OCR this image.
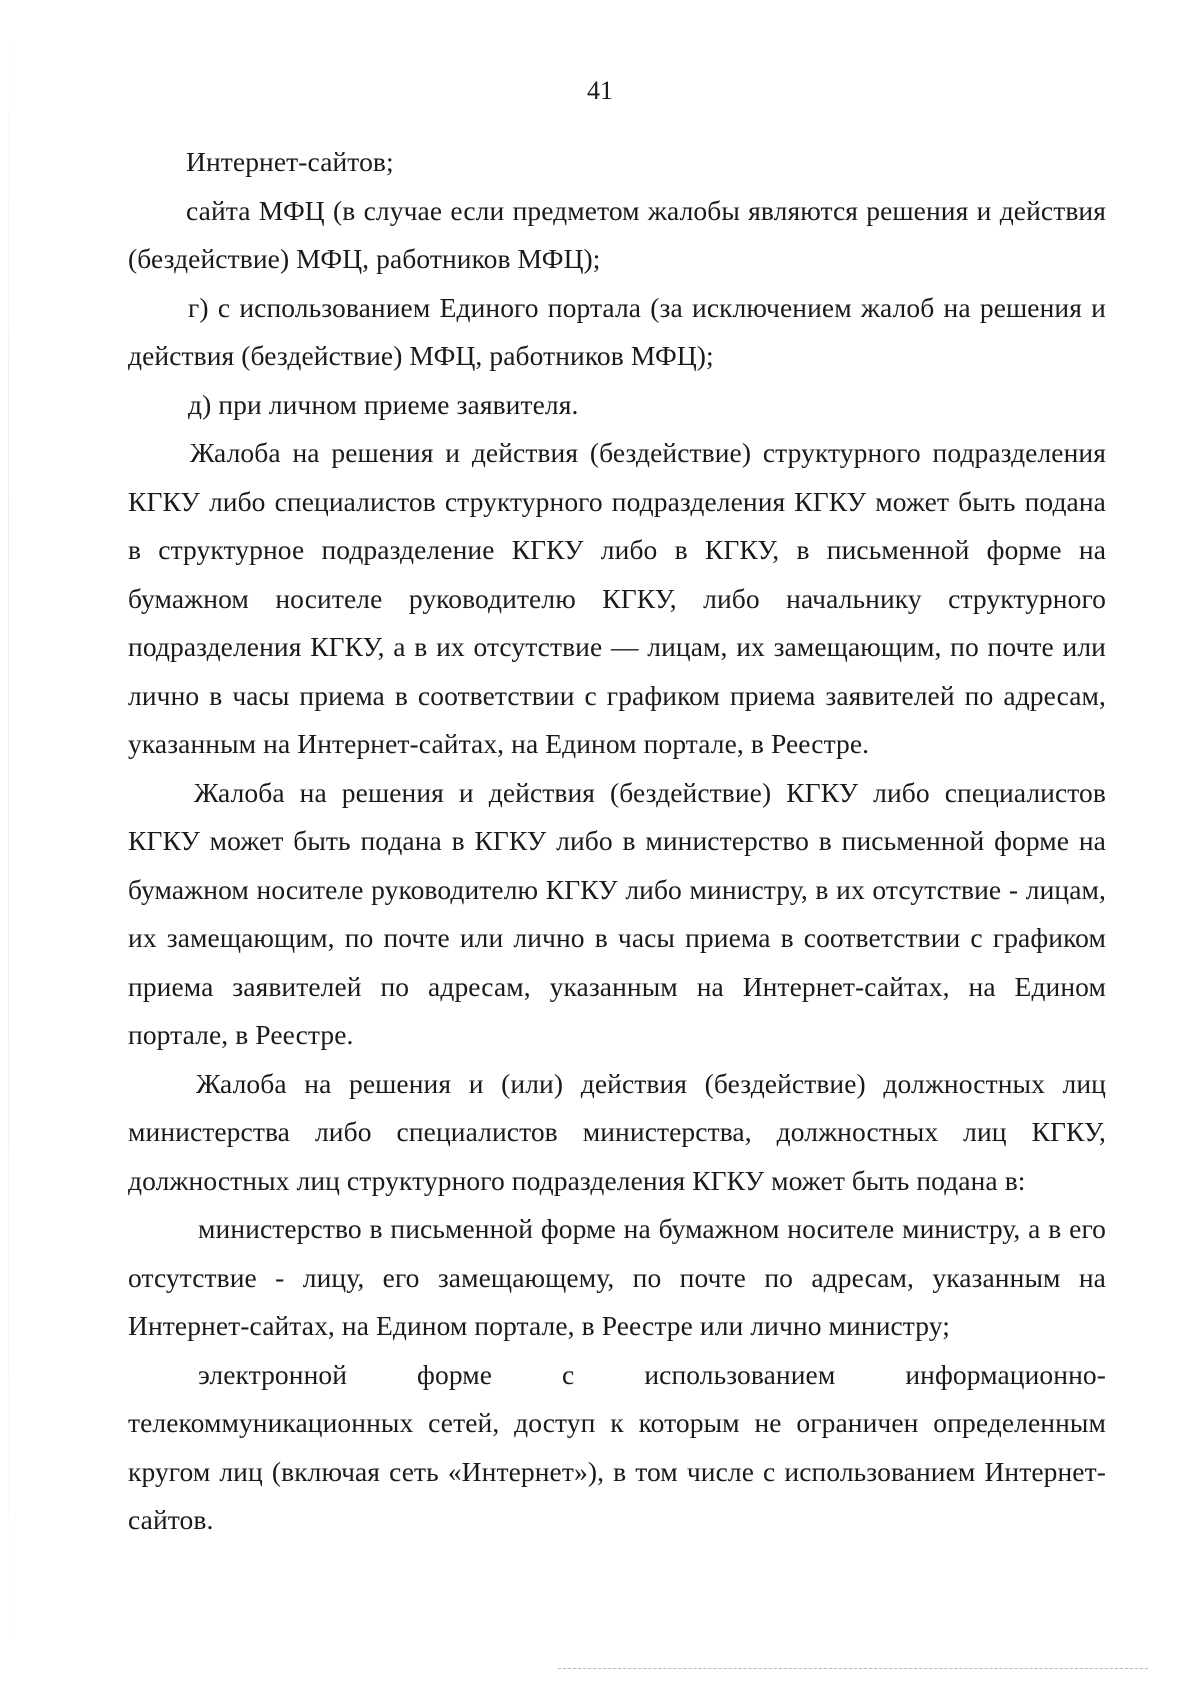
41

Интернет-сайтов;

сайта МФЦ (в случае если предметом жалобы являются решения и действия (бездействие) МФЦ, работников МФЦ);

г) с использованием Единого портала (за исключением жалоб на решения и действия (бездействие) МФЦ, работников МФЦ);

д) при личном приеме заявителя.

Жалоба на решения и действия (бездействие) структурного подразделения КГКУ либо специалистов структурного подразделения КГКУ может быть подана в структурное подразделение КГКУ либо в КГКУ, в письменной форме на бумажном носителе руководителю КГКУ, либо начальнику структурного подразделения КГКУ, а в их отсутствие — лицам, их замещающим, по почте или лично в часы приема в соответствии с графиком приема заявителей по адресам, указанным на Интернет-сайтах, на Едином портале, в Реестре.

Жалоба на решения и действия (бездействие) КГКУ либо специалистов КГКУ может быть подана в КГКУ либо в министерство в письменной форме на бумажном носителе руководителю КГКУ либо министру, в их отсутствие - лицам, их замещающим, по почте или лично в часы приема в соответствии с графиком приема заявителей по адресам, указанным на Интернет-сайтах, на Едином портале, в Реестре.

Жалоба на решения и (или) действия (бездействие) должностных лиц министерства либо специалистов министерства, должностных лиц КГКУ, должностных лиц структурного подразделения КГКУ может быть подана в:

министерство в письменной форме на бумажном носителе министру, а в его отсутствие - лицу, его замещающему, по почте по адресам, указанным на Интернет-сайтах, на Едином портале, в Реестре или лично министру;

электронной форме с использованием информационно-телекоммуникационных сетей, доступ к которым не ограничен определенным кругом лиц (включая сеть «Интернет»), в том числе с использованием Интернет-сайтов.
